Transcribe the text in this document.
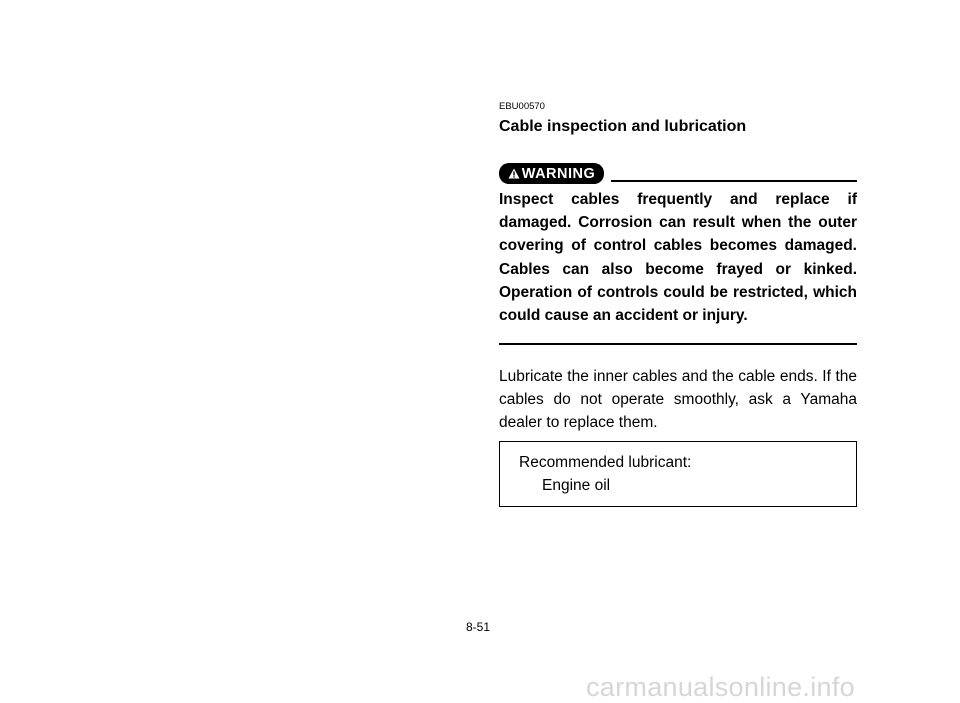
EBU00570
Cable inspection and lubrication
WARNING
Inspect cables frequently and replace if damaged. Corrosion can result when the outer covering of control cables becomes damaged. Cables can also become frayed or kinked. Operation of controls could be restricted, which could cause an accident or injury.
Lubricate the inner cables and the cable ends. If the cables do not operate smoothly, ask a Yamaha dealer to replace them.
Recommended lubricant:
Engine oil
8-51
carmanualsonline.info
